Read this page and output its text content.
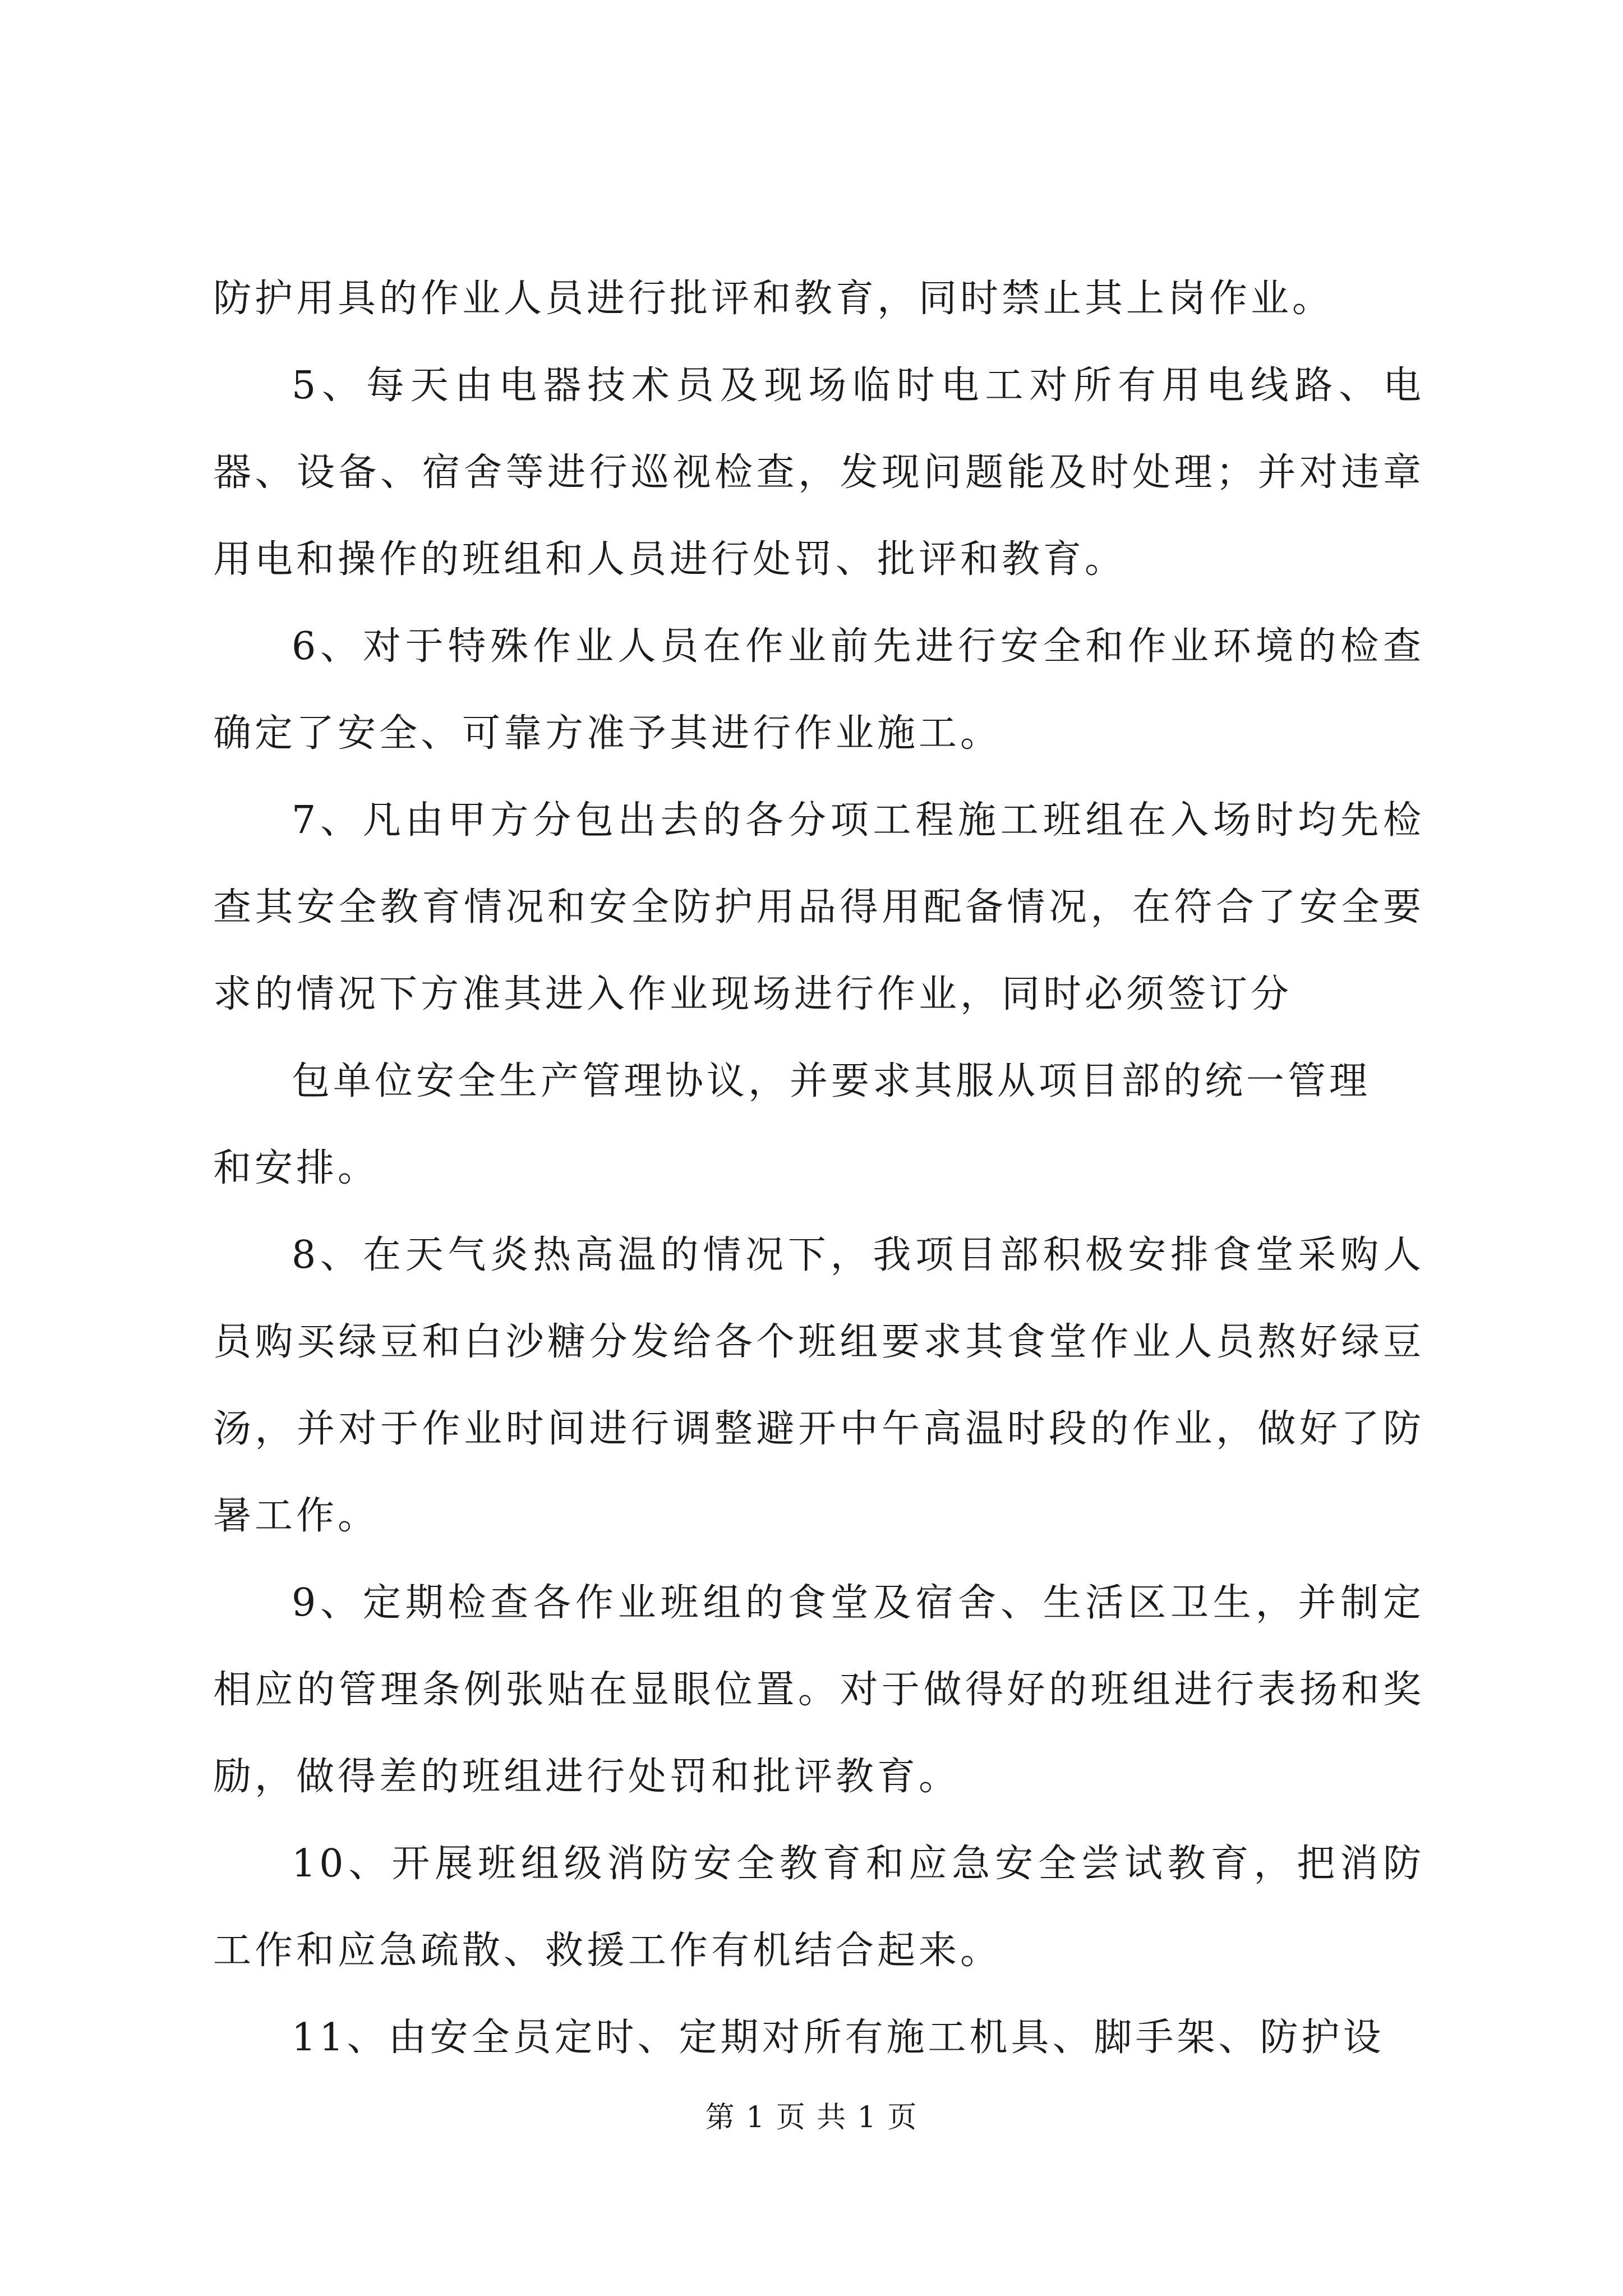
防护用具的作业人员进行批评和教育，同时禁止其上岗作业。

5、每天由电器技术员及现场临时电工对所有用电线路、电器、设备、宿舍等进行巡视检查，发现问题能及时处理；并对违章用电和操作的班组和人员进行处罚、批评和教育。

6、对于特殊作业人员在作业前先进行安全和作业环境的检查确定了安全、可靠方准予其进行作业施工。

7、凡由甲方分包出去的各分项工程施工班组在入场时均先检查其安全教育情况和安全防护用品得用配备情况，在符合了安全要求的情况下方准其进入作业现场进行作业，同时必须签订分

包单位安全生产管理协议，并要求其服从项目部的统一管理
和安排。

8、在天气炎热高温的情况下，我项目部积极安排食堂采购人员购买绿豆和白沙糖分发给各个班组要求其食堂作业人员熬好绿豆汤，并对于作业时间进行调整避开中午高温时段的作业，做好了防暑工作。

9、定期检查各作业班组的食堂及宿舍、生活区卫生，并制定相应的管理条例张贴在显眼位置。对于做得好的班组进行表扬和奖励，做得差的班组进行处罚和批评教育。

10、开展班组级消防安全教育和应急安全尝试教育，把消防工作和应急疏散、救援工作有机结合起来。

11、由安全员定时、定期对所有施工机具、脚手架、防护设

第 1 页 共 1 页
